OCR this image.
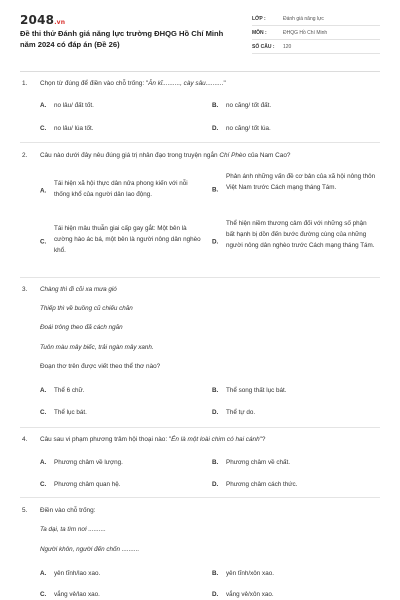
2048.vn
Đề thi thử Đánh giá năng lực trường ĐHQG Hồ Chí Minh năm 2024 có đáp án (Đề 26)
LỚP :	Đánh giá năng lực
MÔN :	ĐHQG Hồ Chí Minh
SỐ CÂU :	120
1. Chọn từ đúng để điền vào chỗ trống: "Ăn kĩ.........., cày sâu.........."
A. no lâu/ đất tốt.	B. no căng/ tốt đất.
C. no lâu/ lúa tốt.	D. no căng/ tốt lúa.
2. Câu nào dưới đây nêu đúng giá trị nhân đạo trong truyện ngắn Chí Phèo của Nam Cao?
A.
Tái hiện xã hội thực dân nửa phong kiến với nỗi thống khổ của người dân lao động.
B.
Phản ánh những vấn đề cơ bản của xã hội nông thôn Việt Nam trước Cách mạng tháng Tám.
C.
Tái hiện mâu thuẫn giai cấp gay gắt: Một bên là cường hào ác bá, một bên là người nông dân nghèo khổ.
D.
Thể hiện niềm thương cảm đối với những số phận bất hạnh bị dồn đến bước đường cùng của những người nông dân nghèo trước Cách mạng tháng Tám.
3. Chàng thì đi cõi xa mưa gió
Thiếp thì về buồng cũ chiếu chăn
Đoái trông theo đã cách ngăn
Tuôn màu mây biếc, trải ngàn mây xanh.
Đoạn thơ trên được viết theo thể thơ nào?
A. Thể 6 chữ.	B. Thể song thất lục bát.
C. Thể lục bát.	D. Thể tự do.
4. Câu sau vi phạm phương trâm hội thoại nào: "Én là một loài chim có hai cánh"?
A. Phương châm về lượng.	B. Phương châm về chất.
C. Phương châm quan hệ.	D. Phương châm cách thức.
5. Điền vào chỗ trống:
Ta dại, ta tìm nơi ..........
Người khôn, người đến chốn ..........
A. yên tĩnh/lao xao.	B. yên tĩnh/xôn xao.
C. vắng vẻ/lao xao.	D. vắng vẻ/xôn xao.
